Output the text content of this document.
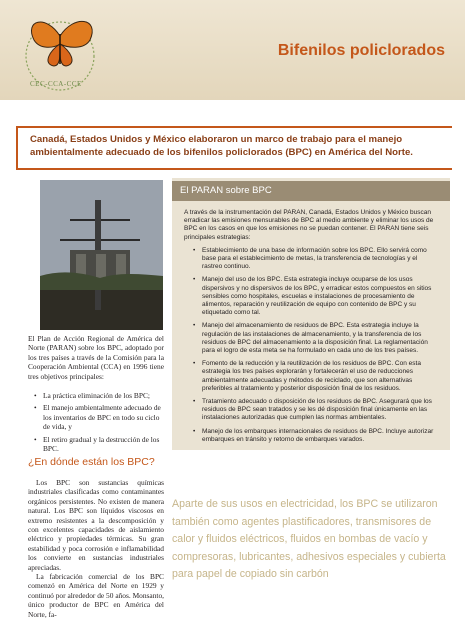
CEC-CCA-CCE
Bifenilos policlorados
Canadá, Estados Unidos y México elaboraron un marco de trabajo para el manejo ambientalmente adecuado de los bifenilos policlorados (BPC) en América del Norte.

El Plan de Acción Regional de América del Norte (PARAN) sobre los BPC, adoptado por los tres países a través de la Comisión para la Cooperación Ambiental (CCA) en 1996 tiene tres objetivos principales:

• La práctica eliminación de los BPC;
• El manejo ambientalmente adecuado de los inventarios de BPC en todo su ciclo de vida, y
• El retiro gradual y la destrucción de los BPC.
¿En dónde están los BPC?

Los BPC son sustancias químicas industriales clasificadas como contaminantes orgánicos persistentes. No existen de manera natural. Los BPC son líquidos viscosos en extremo resistentes a la descomposición y con excelentes capacidades de aislamiento eléctrico y propiedades térmicas. Su gran estabilidad y poca corrosión e inflamabilidad los convierte en sustancias industriales apreciadas.

La fabricación comercial de los BPC comenzó en América del Norte en 1929 y continuó por alrededor de 50 años. Monsanto, único productor de BPC en América del Norte, fa-

El PARAN sobre BPC

A través de la instrumentación del PARAN, Canadá, Estados Unidos y México buscan erradicar las emisiones mensurables de BPC al medio ambiente y eliminar los usos de BPC en los casos en que los emisiones no se puedan contener. El PARAN tiene seis principales estrategias:

• Establecimiento de una base de información sobre los BPC. Ello servirá como base para el establecimiento de metas, la transferencia de tecnologías y el rastreo continuo.
• Manejo del uso de los BPC. Esta estrategia incluye ocuparse de los usos dispersivos y no dispersivos de los BPC, y erradicar estos compuestos en sitios sensibles como hospitales, escuelas e instalaciones de procesamiento de alimentos, reparación y reutilización de equipo con contenido de BPC y su etiquetado como tal.
• Manejo del almacenamiento de residuos de BPC. Esta estrategia incluye la regulación de las instalaciones de almacenamiento, y la transferencia de los residuos de BPC del almacenamiento a la disposición final. La reglamentación para el logro de esta meta se ha formulado en cada uno de los tres países.
• Fomento de la reducción y la reutilización de los residuos de BPC. Con esta estrategia los tres países explorarán y fortalecerán el uso de reducciones ambientalmente adecuadas y métodos de reciclado, que son alternativas preferibles al tratamiento y posterior disposición final de los residuos.
• Tratamiento adecuado o disposición de los residuos de BPC. Asegurará que los residuos de BPC sean tratados y se les dé disposición final únicamente en las instalaciones autorizadas que cumplen las normas ambientales.
• Manejo de los embarques internacionales de residuos de BPC. Incluye autorizar embarques en tránsito y retorno de embarques varados.
Aparte de sus usos en electricidad, los BPC se utilizaron también como agentes plastificadores, transmisores de calor y fluidos eléctricos, fluidos en bombas de vacío y compresoras, lubricantes, adhesivos especiales y cubierta para papel de copiado sin carbón
